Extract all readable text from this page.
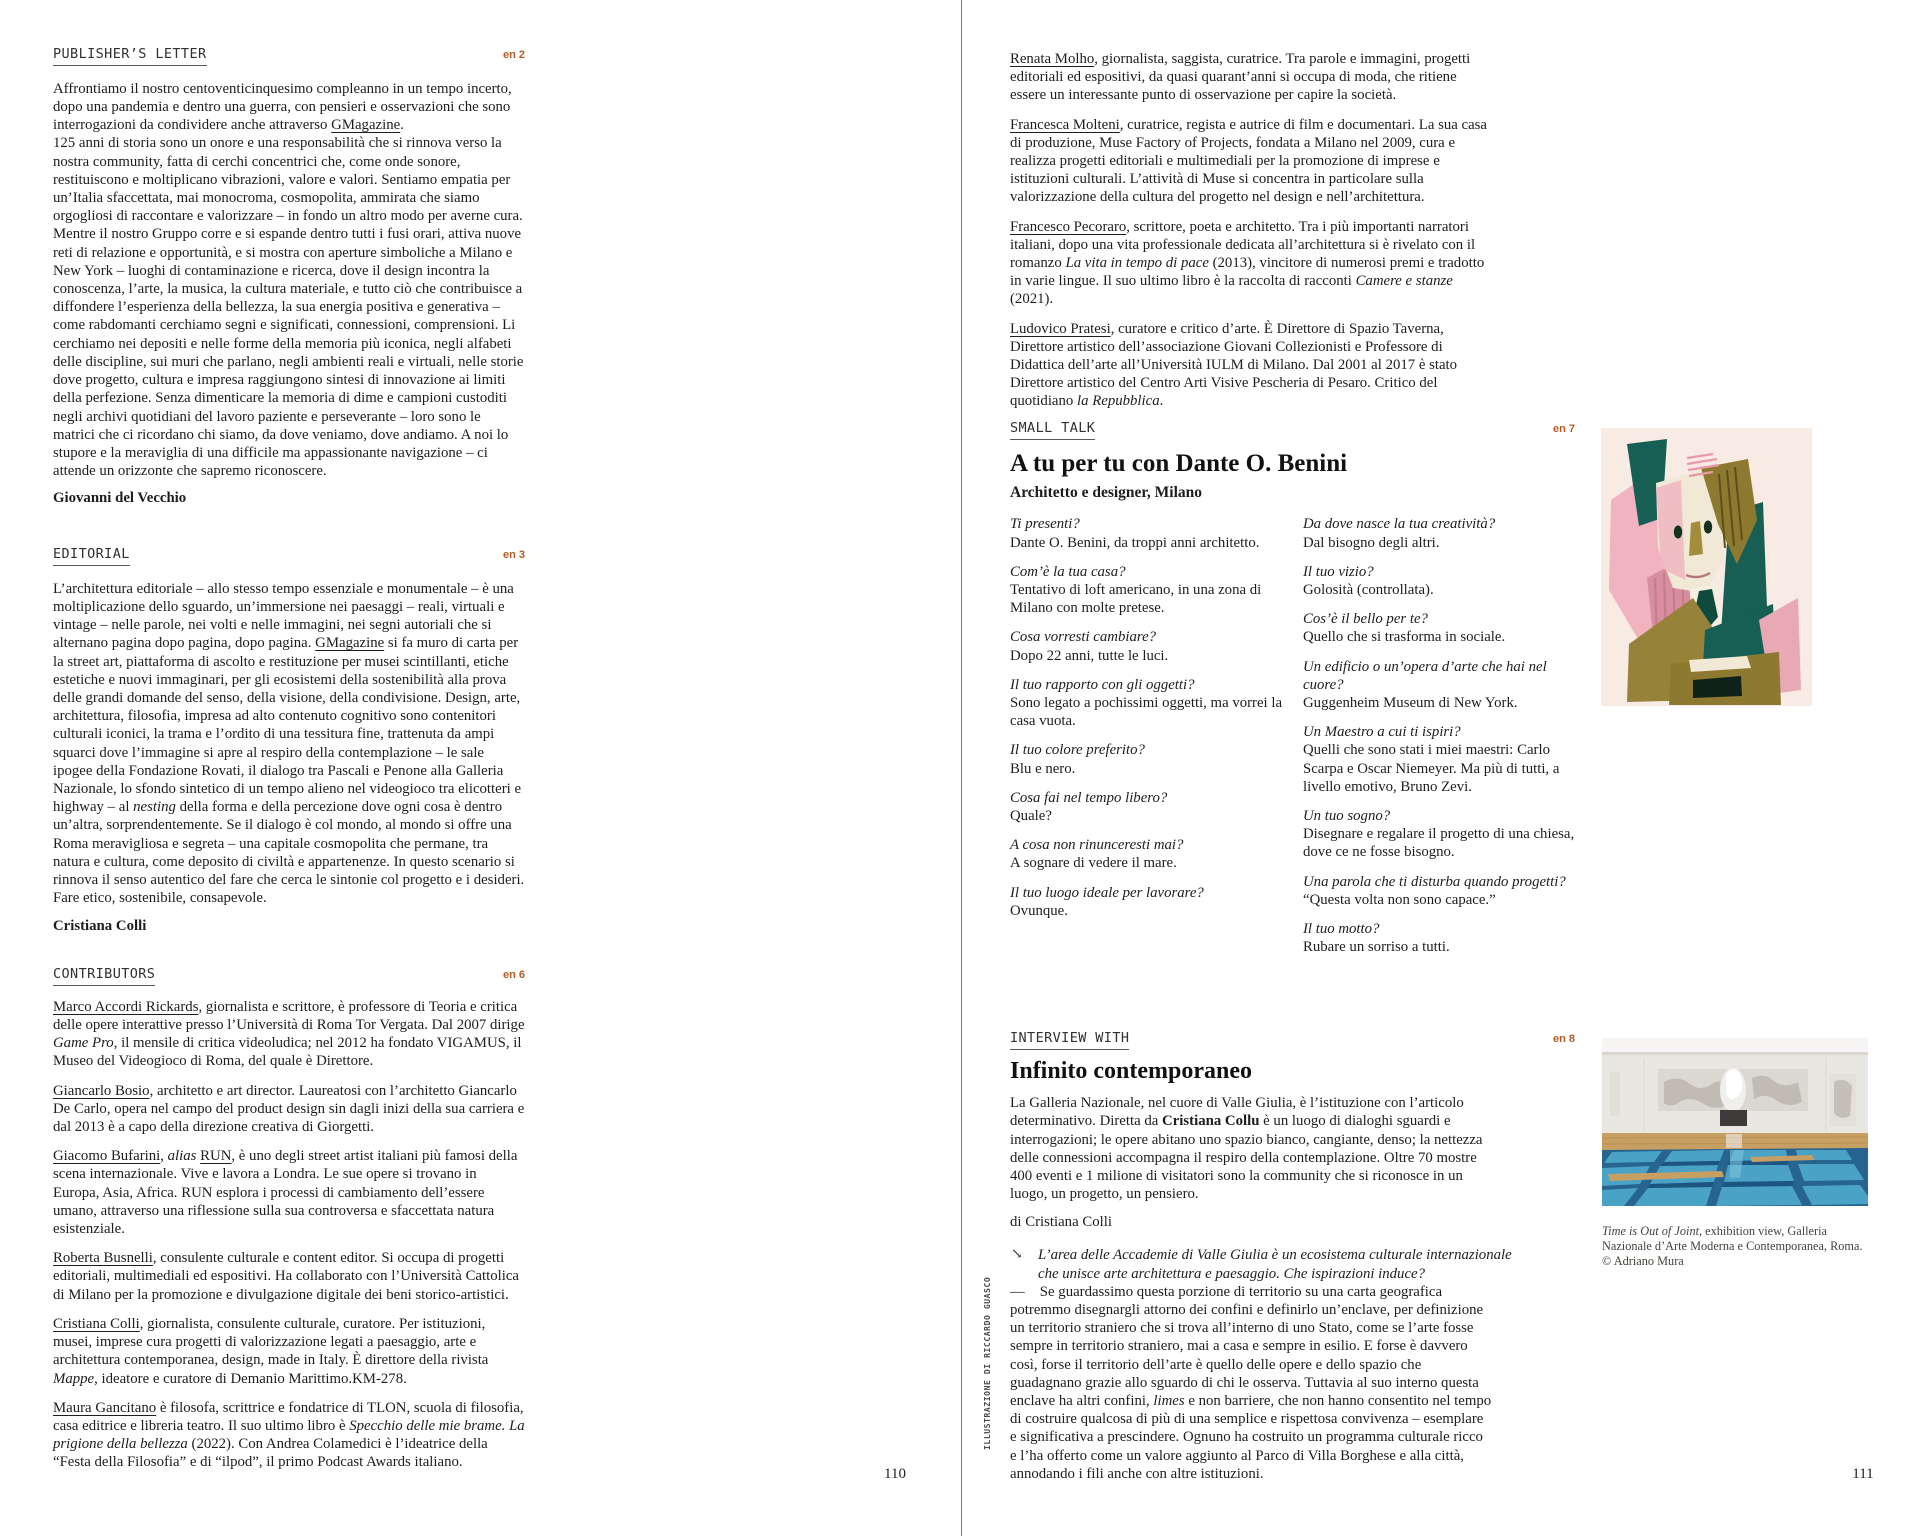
PUBLISHER’S LETTER	en 2
Affrontiamo il nostro centoventicinquesimo compleanno in un tempo incerto, dopo una pandemia e dentro una guerra, con pensieri e osservazioni che sono interrogazioni da condividere anche attraverso GMagazine.
125 anni di storia sono un onore e una responsabilità che si rinnova verso la nostra community, fatta di cerchi concentrici che, come onde sonore, restituiscono e moltiplicano vibrazioni, valore e valori. Sentiamo empatia per un’Italia sfaccettata, mai monocroma, cosmopolita, ammirata che siamo orgogliosi di raccontare e valorizzare – in fondo un altro modo per averne cura. Mentre il nostro Gruppo corre e si espande dentro tutti i fusi orari, attiva nuove reti di relazione e opportunità, e si mostra con aperture simboliche a Milano e New York – luoghi di contaminazione e ricerca, dove il design incontra la conoscenza, l’arte, la musica, la cultura materiale, e tutto ciò che contribuisce a diffondere l’esperienza della bellezza, la sua energia positiva e generativa – come rabdomanti cerchiamo segni e significati, connessioni, comprensioni. Li cerchiamo nei depositi e nelle forme della memoria più iconica, negli alfabeti delle discipline, sui muri che parlano, negli ambienti reali e virtuali, nelle storie dove progetto, cultura e impresa raggiungono sintesi di innovazione ai limiti della perfezione. Senza dimenticare la memoria di dime e campioni custoditi negli archivi quotidiani del lavoro paziente e perseverante – loro sono le matrici che ci ricordano chi siamo, da dove veniamo, dove andiamo. A noi lo stupore e la meraviglia di una difficile ma appassionante navigazione – ci attende un orizzonte che sapremo riconoscere.
Giovanni del Vecchio
EDITORIAL	en 3
L’architettura editoriale – allo stesso tempo essenziale e monumentale – è una moltiplicazione dello sguardo, un’immersione nei paesaggi – reali, virtuali e vintage – nelle parole, nei volti e nelle immagini, nei segni autoriali che si alternano pagina dopo pagina, dopo pagina. GMagazine si fa muro di carta per la street art, piattaforma di ascolto e restituzione per musei scintillanti, etiche estetiche e nuovi immaginari, per gli ecosistemi della sostenibilità alla prova delle grandi domande del senso, della visione, della condivisione. Design, arte, architettura, filosofia, impresa ad alto contenuto cognitivo sono contenitori culturali iconici, la trama e l’ordito di una tessitura fine, trattenuta da ampi squarci dove l’immagine si apre al respiro della contemplazione – le sale ipogee della Fondazione Rovati, il dialogo tra Pascali e Penone alla Galleria Nazionale, lo sfondo sintetico di un tempo alieno nel videogioco tra elicotteri e highway – al nesting della forma e della percezione dove ogni cosa è dentro un’altra, sorprendentemente. Se il dialogo è col mondo, al mondo si offre una Roma meravigliosa e segreta – una capitale cosmopolita che permane, tra natura e cultura, come deposito di civiltà e appartenenze. In questo scenario si rinnova il senso autentico del fare che cerca le sintonie col progetto e i desideri. Fare etico, sostenibile, consapevole.
Cristiana Colli
CONTRIBUTORS	en 6
Marco Accordi Rickards, giornalista e scrittore, è professore di Teoria e critica delle opere interattive presso l’Università di Roma Tor Vergata. Dal 2007 dirige Game Pro, il mensile di critica videoludica; nel 2012 ha fondato VIGAMUS, il Museo del Videogioco di Roma, del quale è Direttore.
Giancarlo Bosio, architetto e art director. Laureatosi con l’architetto Giancarlo De Carlo, opera nel campo del product design sin dagli inizi della sua carriera e dal 2013 è a capo della direzione creativa di Giorgetti.
Giacomo Bufarini, alias RUN, è uno degli street artist italiani più famosi della scena internazionale. Vive e lavora a Londra. Le sue opere si trovano in Europa, Asia, Africa. RUN esplora i processi di cambiamento dell’essere umano, attraverso una riflessione sulla sua controversa e sfaccettata natura esistenziale.
Roberta Busnelli, consulente culturale e content editor. Si occupa di progetti editoriali, multimediali ed espositivi. Ha collaborato con l’Università Cattolica di Milano per la promozione e divulgazione digitale dei beni storico-artistici.
Cristiana Colli, giornalista, consulente culturale, curatore. Per istituzioni, musei, imprese cura progetti di valorizzazione legati a paesaggio, arte e architettura contemporanea, design, made in Italy. È direttore della rivista Mappe, ideatore e curatore di Demanio Marittimo.KM-278.
Maura Gancitano è filosofa, scrittrice e fondatrice di TLON, scuola di filosofia, casa editrice e libreria teatro. Il suo ultimo libro è Specchio delle mie brame. La prigione della bellezza (2022). Con Andrea Colamedici è l’ideatrice della “Festa della Filosofia” e di “ilpod”, il primo Podcast Awards italiano.
110
Renata Molho, giornalista, saggista, curatrice. Tra parole e immagini, progetti editoriali ed espositivi, da quasi quarant’anni si occupa di moda, che ritiene essere un interessante punto di osservazione per capire la società.
Francesca Molteni, curatrice, regista e autrice di film e documentari. La sua casa di produzione, Muse Factory of Projects, fondata a Milano nel 2009, cura e realizza progetti editoriali e multimediali per la promozione di imprese e istituzioni culturali. L’attività di Muse si concentra in particolare sulla valorizzazione della cultura del progetto nel design e nell’architettura.
Francesco Pecoraro, scrittore, poeta e architetto. Tra i più importanti narratori italiani, dopo una vita professionale dedicata all’architettura si è rivelato con il romanzo La vita in tempo di pace (2013), vincitore di numerosi premi e tradotto in varie lingue. Il suo ultimo libro è la raccolta di racconti Camere e stanze (2021).
Ludovico Pratesi, curatore e critico d’arte. È Direttore di Spazio Taverna, Direttore artistico dell’associazione Giovani Collezionisti e Professore di Didattica dell’arte all’Università IULM di Milano. Dal 2001 al 2017 è stato Direttore artistico del Centro Arti Visive Pescheria di Pesaro. Critico del quotidiano la Repubblica.
SMALL TALK	en 7
A tu per tu con Dante O. Benini
Architetto e designer, Milano
Ti presenti?
Dante O. Benini, da troppi anni architetto.
Com’è la tua casa?
Tentativo di loft americano, in una zona di Milano con molte pretese.
Cosa vorresti cambiare?
Dopo 22 anni, tutte le luci.
Il tuo rapporto con gli oggetti?
Sono legato a pochissimi oggetti, ma vorrei la casa vuota.
Il tuo colore preferito?
Blu e nero.
Cosa fai nel tempo libero?
Quale?
A cosa non rinunceresti mai?
A sognare di vedere il mare.
Il tuo luogo ideale per lavorare?
Ovunque.
Da dove nasce la tua creatività?
Dal bisogno degli altri.
Il tuo vizio?
Golosità (controllata).
Cos’è il bello per te?
Quello che si trasforma in sociale.
Un edificio o un’opera d’arte che hai nel cuore?
Guggenheim Museum di New York.
Un Maestro a cui ti ispiri?
Quelli che sono stati i miei maestri: Carlo Scarpa e Oscar Niemeyer. Ma più di tutti, a livello emotivo, Bruno Zevi.
Un tuo sogno?
Disegnare e regalare il progetto di una chiesa, dove ce ne fosse bisogno.
Una parola che ti disturba quando progetti?
“Questa volta non sono capace.”
Il tuo motto?
Rubare un sorriso a tutti.
INTERVIEW WITH	en 8
Infinito contemporaneo
La Galleria Nazionale, nel cuore di Valle Giulia, è l’istituzione con l’articolo determinativo. Diretta da Cristiana Collu è un luogo di dialoghi sguardi e interrogazioni; le opere abitano uno spazio bianco, cangiante, denso; la nettezza delle connessioni accompagna il respiro della contemplazione. Oltre 70 mostre 400 eventi e 1 milione di visitatori sono la community che si riconosce in un luogo, un progetto, un pensiero.
di Cristiana Colli
↘ L’area delle Accademie di Valle Giulia è un ecosistema culturale internazionale che unisce arte architettura e paesaggio. Che ispirazioni induce?
— Se guardassimo questa porzione di territorio su una carta geografica potremmo disegnargli attorno dei confini e definirlo un’enclave, per definizione un territorio straniero che si trova all’interno di uno Stato, come se l’arte fosse sempre in territorio straniero, mai a casa e sempre in esilio. E forse è davvero così, forse il territorio dell’arte è quello delle opere e dello spazio che guadagnano grazie allo sguardo di chi le osserva. Tuttavia al suo interno questa enclave ha altri confini, limes e non barriere, che non hanno consentito nel tempo di costruire qualcosa di più di una semplice e rispettosa convivenza – esemplare e significativa a prescindere. Ognuno ha costruito un programma culturale ricco e l’ha offerto come un valore aggiunto al Parco di Villa Borghese e alla città, annodando i fili anche con altre istituzioni.
Time is Out of Joint, exhibition view, Galleria Nazionale d’Arte Moderna e Contemporanea, Roma. © Adriano Mura
ILLUSTRAZIONE DI RICCARDO GUASCO
111
